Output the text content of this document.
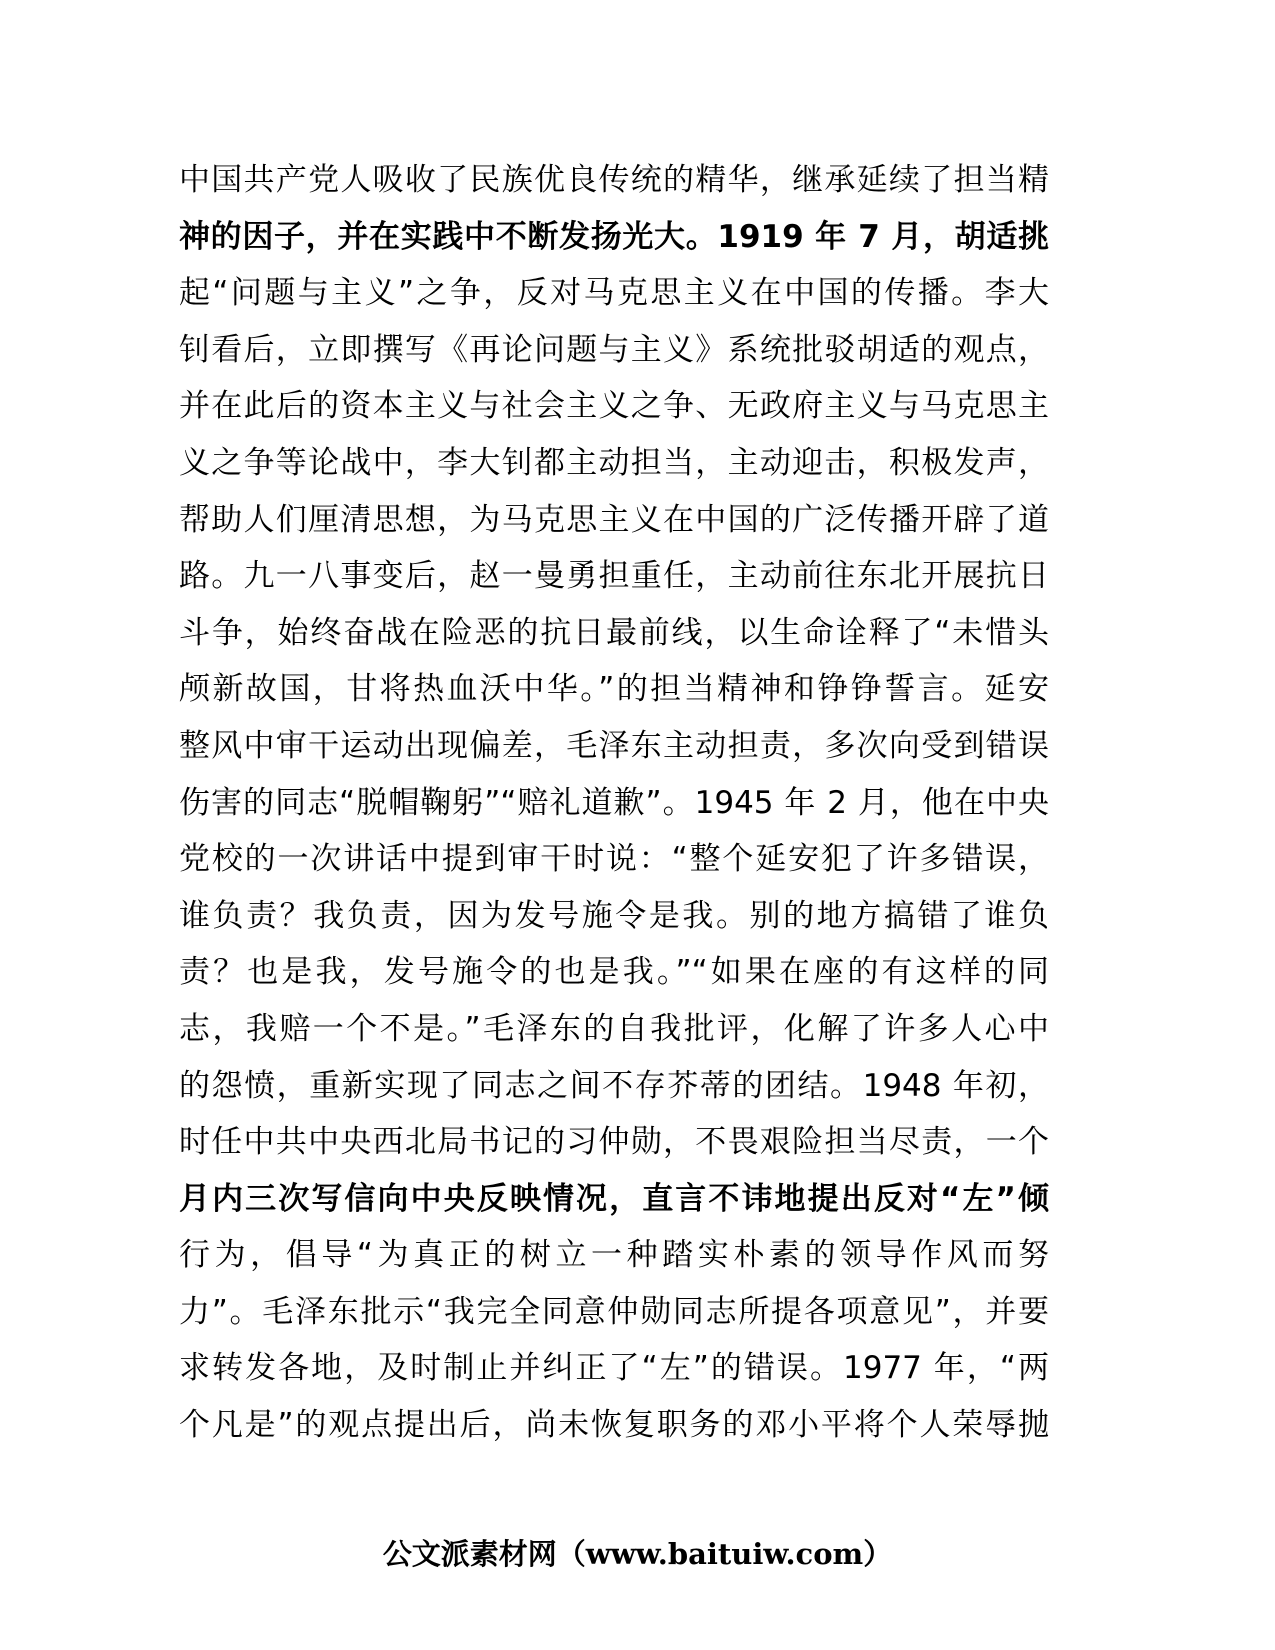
中国共产党人吸收了民族优良传统的精华，继承延续了担当精
神的因子，并在实践中不断发扬光大。1919 年 7 月，胡适挑
起“问题与主义”之争，反对马克思主义在中国的传播。李大
钊看后，立即撰写《再论问题与主义》系统批驳胡适的观点，
并在此后的资本主义与社会主义之争、无政府主义与马克思主
义之争等论战中，李大钊都主动担当，主动迎击，积极发声，
帮助人们厘清思想，为马克思主义在中国的广泛传播开辟了道
路。九一八事变后，赵一曼勇担重任，主动前往东北开展抗日
斗争，始终奋战在险恶的抗日最前线，以生命诠释了“未惜头
颅新故国，甘将热血沃中华。”的担当精神和铮铮誓言。延安
整风中审干运动出现偏差，毛泽东主动担责，多次向受到错误
伤害的同志“脱帽鞠躬”“赔礼道歉”。1945 年 2 月，他在中央
党校的一次讲话中提到审干时说：“整个延安犯了许多错误，
谁负责？我负责，因为发号施令是我。别的地方搞错了谁负
责？也是我，发号施令的也是我。”“如果在座的有这样的同
志，我赔一个不是。”毛泽东的自我批评，化解了许多人心中
的怨愤，重新实现了同志之间不存芥蒂的团结。1948 年初，
时任中共中央西北局书记的习仲勋，不畏艰险担当尽责，一个
月内三次写信向中央反映情况，直言不讳地提出反对“左”倾
行为，倡导“为真正的树立一种踏实朴素的领导作风而努
力”。毛泽东批示“我完全同意仲勋同志所提各项意见”，并要
求转发各地，及时制止并纠正了“左”的错误。1977 年，“两
个凡是”的观点提出后，尚未恢复职务的邓小平将个人荣辱抛
公文派素材网（www.baituiw.com）
